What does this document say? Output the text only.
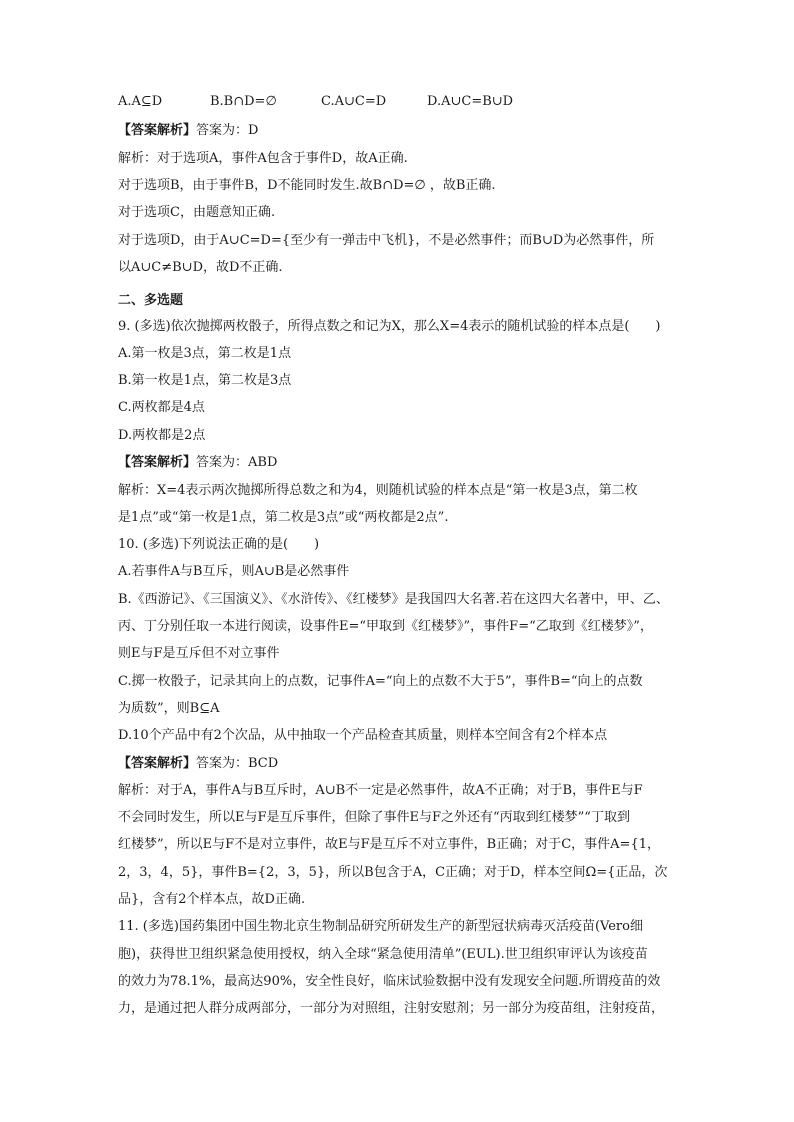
A.A⊆D	B.B∩D=∅	C.A∪C=D	D.A∪C=B∪D
【答案解析】答案为：D
解析：对于选项A，事件A包含于事件D，故A正确.
对于选项B，由于事件B，D不能同时发生.故B∩D=∅ ，故B正确.
对于选项C，由题意知正确.
对于选项D，由于A∪C=D={至少有一弹击中飞机}，不是必然事件；而B∪D为必然事件，所
以A∪C≠B∪D，故D不正确.
二、多选题
9. (多选)依次抛掷两枚骰子，所得点数之和记为X，那么X=4表示的随机试验的样本点是(　　)
A.第一枚是3点，第二枚是1点
B.第一枚是1点，第二枚是3点
C.两枚都是4点
D.两枚都是2点
【答案解析】答案为：ABD
解析：X=4表示两次抛掷所得总数之和为4，则随机试验的样本点是“第一枚是3点，第二枚
是1点”或“第一枚是1点，第二枚是3点”或“两枚都是2点”.
10. (多选)下列说法正确的是(　　)
A.若事件A与B互斥，则A∪B是必然事件
B.《西游记》、《三国演义》、《水浒传》、《红楼梦》是我国四大名著.若在这四大名著中，甲、乙、
丙、丁分别任取一本进行阅读，设事件E=“甲取到《红楼梦》”，事件F=“乙取到《红楼梦》”，
则E与F是互斥但不对立事件
C.掷一枚骰子，记录其向上的点数，记事件A=“向上的点数不大于5”，事件B=“向上的点数
为质数”，则B⊆A
D.10个产品中有2个次品，从中抽取一个产品检查其质量，则样本空间含有2个样本点
【答案解析】答案为：BCD
解析：对于A，事件A与B互斥时，A∪B不一定是必然事件，故A不正确；对于B，事件E与F
不会同时发生，所以E与F是互斥事件，但除了事件E与F之外还有“丙取到红楼梦”“丁取到
红楼梦”，所以E与F不是对立事件，故E与F是互斥不对立事件，B正确；对于C，事件A={1，
2，3，4，5}，事件B={2，3，5}，所以B包含于A，C正确；对于D，样本空间Ω={正品，次
品}，含有2个样本点，故D正确.
11. (多选)国药集团中国生物北京生物制品研究所研发生产的新型冠状病毒灭活疫苗(Vero细
胞)，获得世卫组织紧急使用授权，纳入全球“紧急使用清单”(EUL).世卫组织审评认为该疫苗
的效力为78.1%，最高达90%，安全性良好，临床试验数据中没有发现安全问题.所谓疫苗的效
力，是通过把人群分成两部分，一部分为对照组，注射安慰剂；另一部分为疫苗组，注射疫苗，
